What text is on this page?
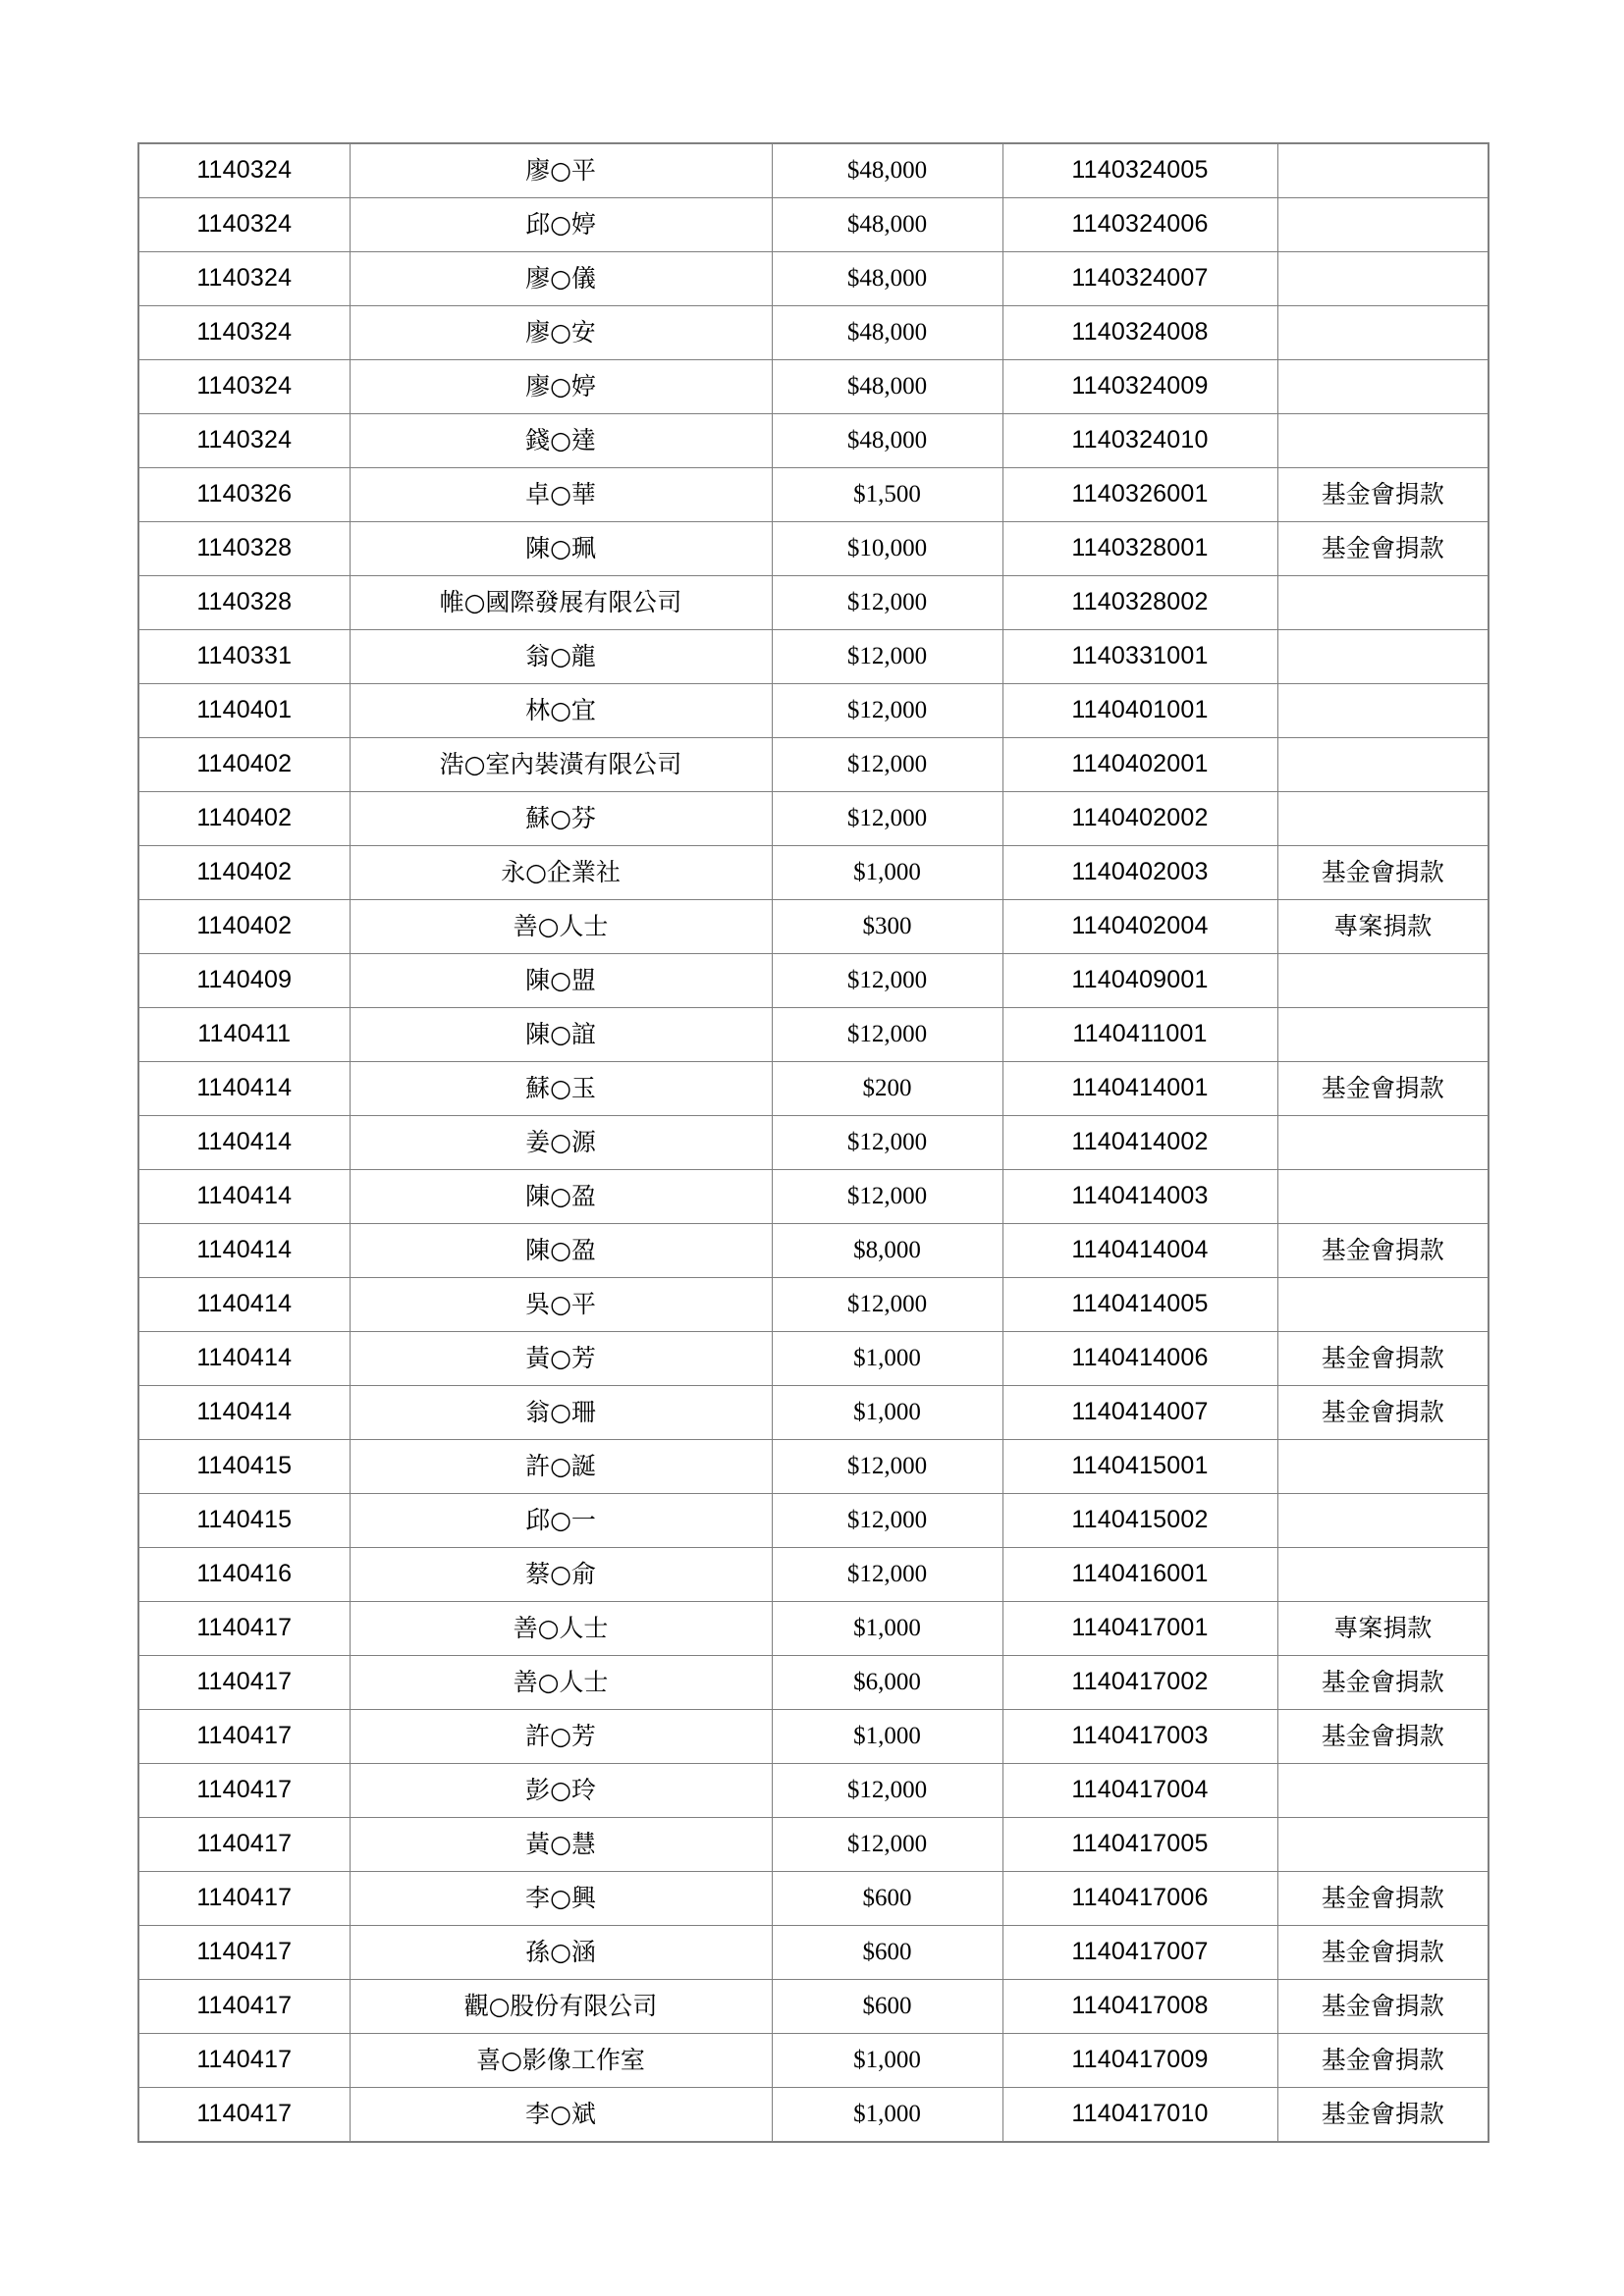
1140324	廖○平	$48,000	1140324005	
1140324	邱○婷	$48,000	1140324006	
1140324	廖○儀	$48,000	1140324007	
1140324	廖○安	$48,000	1140324008	
1140324	廖○婷	$48,000	1140324009	
1140324	錢○達	$48,000	1140324010	
1140326	卓○華	$1,500	1140326001	基金會捐款
1140328	陳○珮	$10,000	1140328001	基金會捐款
1140328	帷○國際發展有限公司	$12,000	1140328002	
1140331	翁○龍	$12,000	1140331001	
1140401	林○宜	$12,000	1140401001	
1140402	浩○室內裝潢有限公司	$12,000	1140402001	
1140402	蘇○芬	$12,000	1140402002	
1140402	永○企業社	$1,000	1140402003	基金會捐款
1140402	善○人士	$300	1140402004	專案捐款
1140409	陳○盟	$12,000	1140409001	
1140411	陳○誼	$12,000	1140411001	
1140414	蘇○玉	$200	1140414001	基金會捐款
1140414	姜○源	$12,000	1140414002	
1140414	陳○盈	$12,000	1140414003	
1140414	陳○盈	$8,000	1140414004	基金會捐款
1140414	吳○平	$12,000	1140414005	
1140414	黃○芳	$1,000	1140414006	基金會捐款
1140414	翁○珊	$1,000	1140414007	基金會捐款
1140415	許○誕	$12,000	1140415001	
1140415	邱○一	$12,000	1140415002	
1140416	蔡○俞	$12,000	1140416001	
1140417	善○人士	$1,000	1140417001	專案捐款
1140417	善○人士	$6,000	1140417002	基金會捐款
1140417	許○芳	$1,000	1140417003	基金會捐款
1140417	彭○玲	$12,000	1140417004	
1140417	黃○慧	$12,000	1140417005	
1140417	李○興	$600	1140417006	基金會捐款
1140417	孫○涵	$600	1140417007	基金會捐款
1140417	觀○股份有限公司	$600	1140417008	基金會捐款
1140417	喜○影像工作室	$1,000	1140417009	基金會捐款
1140417	李○斌	$1,000	1140417010	基金會捐款
